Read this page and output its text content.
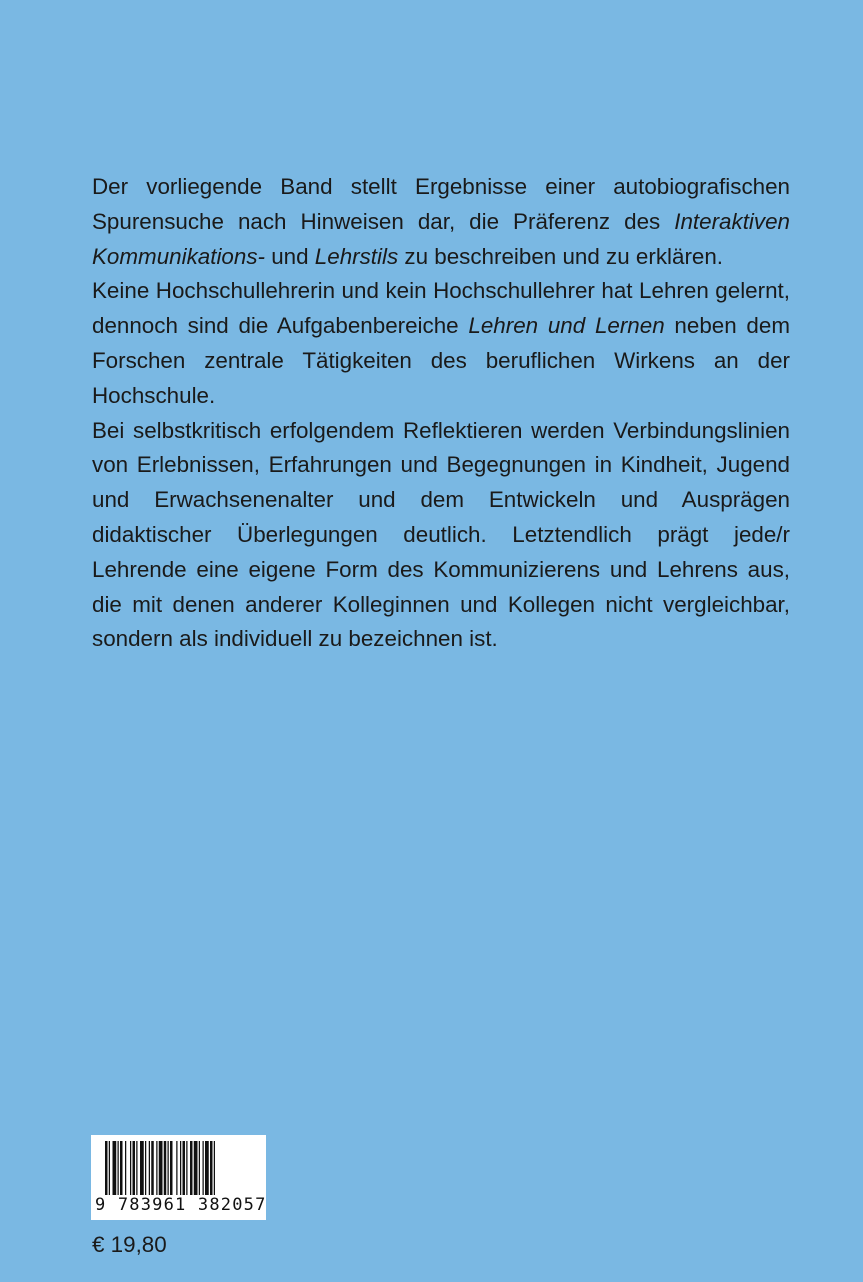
Der vorliegende Band stellt Ergebnisse einer autobiografischen Spurensuche nach Hinweisen dar, die Präferenz des Interaktiven Kommunikations- und Lehrstils zu beschreiben und zu erklären.

Keine Hochschullehrerin und kein Hochschullehrer hat Lehren gelernt, dennoch sind die Aufgabenbereiche Lehren und Lernen neben dem Forschen zentrale Tätigkeiten des beruflichen Wirkens an der Hochschule.

Bei selbstkritisch erfolgendem Reflektieren werden Verbindungslinien von Erlebnissen, Erfahrungen und Begegnungen in Kindheit, Jugend und Erwachsenenalter und dem Entwickeln und Ausprägen didaktischer Überlegungen deutlich. Letztendlich prägt jede/r Lehrende eine eigene Form des Kommunizierens und Lehrens aus, die mit denen anderer Kolleginnen und Kollegen nicht vergleichbar, sondern als individuell zu bezeichnen ist.

9 783961 382057
€ 19,80
